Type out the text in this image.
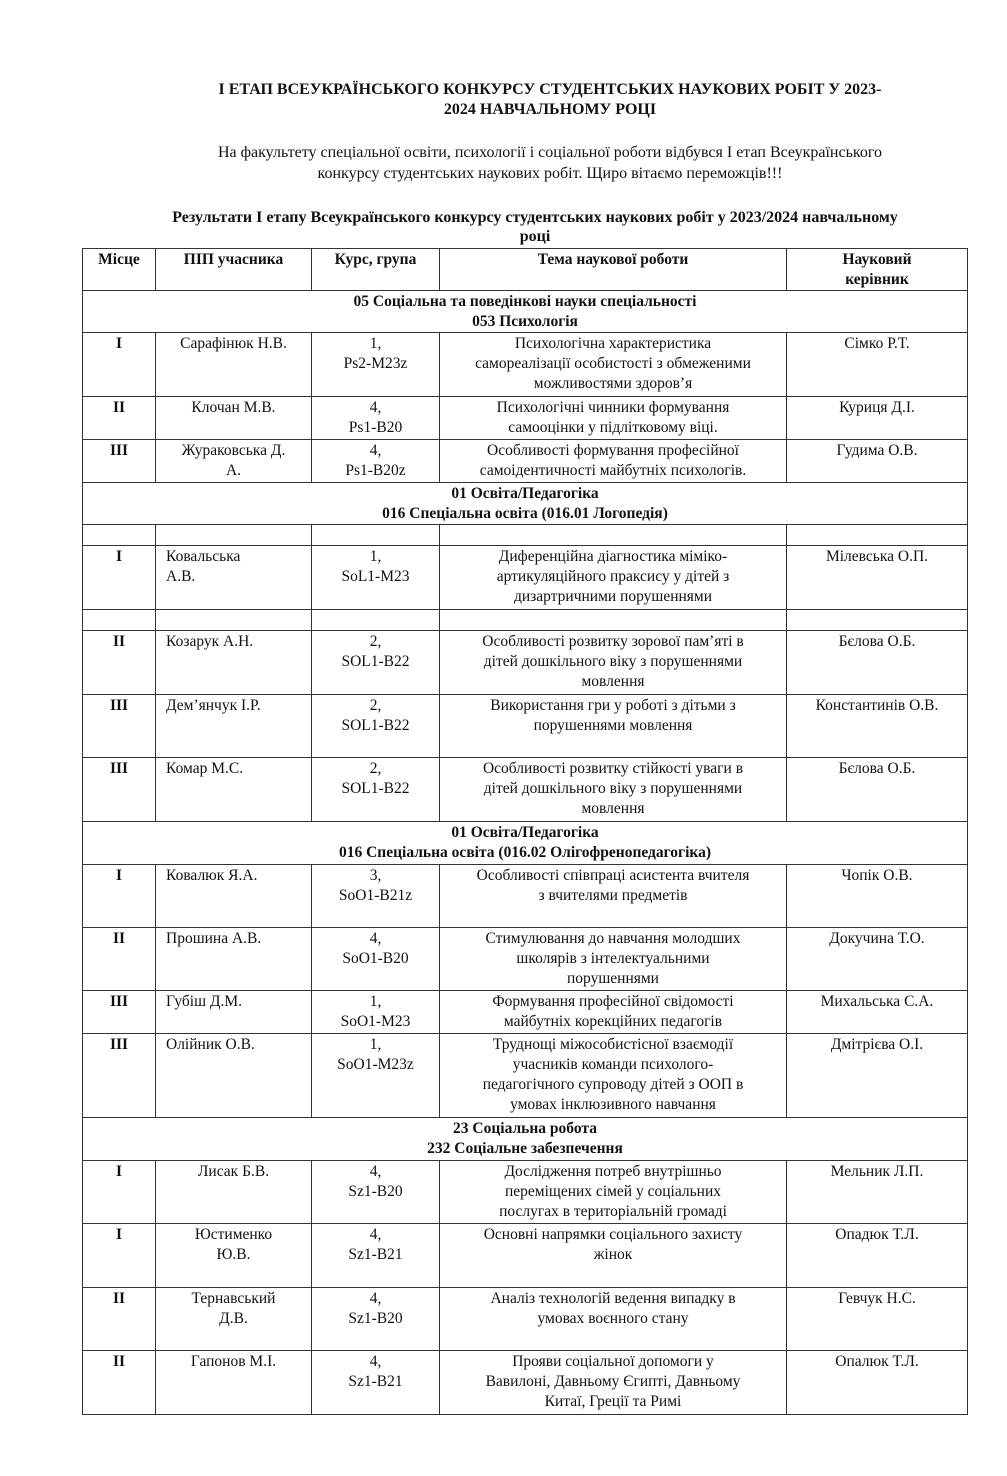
І ЕТАП ВСЕУКРАЇНСЬКОГО КОНКУРСУ СТУДЕНТСЬКИХ НАУКОВИХ РОБІТ У 2023-
2024 НАВЧАЛЬНОМУ РОЦІ
На факультету спеціальної освіти, психології і соціальної роботи відбувся І етап Всеукраїнського
конкурсу студентських наукових робіт. Щиро вітаємо переможців!!!
Результати І етапу Всеукраїнського конкурсу студентських наукових робіт у 2023/2024 навчальному
році
Місце	ПІП учасника	Курс, група	Тема наукової роботи	Науковий
керівник

05 Соціальна та поведінкові науки спеціальності
053 Психологія				

I	Сарафінюк Н.В.	1,
Ps2-M23z	Психологічна характеристика
самореалізації особистості з обмеженими
можливостями здоров’я	Сімко Р.Т.
II	Клочан М.В.	4,
Ps1-B20	Психологічні чинники формування
самооцінки у підлітковому віці.	Куриця Д.І.
III	Жураковська Д.
А.	4,
Ps1-B20z	Особливості формування професійної
самоідентичності майбутніх психологів.	Гудима О.В.

01 Освіта/Педагогіка
016 Спеціальна освіта (016.01 Логопедія)				

I	Ковальська
А.В.	1,
SoL1-M23	Диференційна діагностика міміко-
артикуляційного праксису у дітей з
дизартричними порушеннями	Мілевська О.П.

II	Козарук А.Н.	2,
SOL1-B22	Особливості розвитку зорової пам’яті в
дітей дошкільного віку з порушеннями
мовлення	Бєлова О.Б.
III	Дем’янчук І.Р.	2,
SOL1-B22	Використання гри у роботі з дітьми з
порушеннями мовлення	Константинів О.В.
III	Комар М.С.	2,
SOL1-B22	Особливості розвитку стійкості уваги в
дітей дошкільного віку з порушеннями
мовлення	Бєлова О.Б.

01 Освіта/Педагогіка
016 Спеціальна освіта (016.02 Олігофренопедагогіка)				

I	Ковалюк Я.А.	3,
SoO1-B21z	Особливості співпраці асистента вчителя
з вчителями предметів	Чопік О.В.
II	Прошина А.В.	4,
SoO1-B20	Стимулювання до навчання молодших
школярів з інтелектуальними
порушеннями	Докучина Т.О.
III	Губіш Д.М.	1,
SoO1-M23	Формування професійної свідомості
майбутніх корекційних педагогів	Михальська С.А.
III	Олійник О.В.	1,
SoO1-M23z	Труднощі міжособистісної взаємодії
учасників команди психолого-
педагогічного супроводу дітей з ООП в
умовах інклюзивного навчання	Дмітрієва О.І.

23 Соціальна робота
232 Соціальне забезпечення				

I	Лисак Б.В.	4,
Sz1-B20	Дослідження потреб внутрішньо
переміщених сімей у соціальних
послугах в територіальній громаді	Мельник Л.П.
I	Юстименко
Ю.В.	4,
Sz1-B21	Основні напрямки соціального захисту
жінок	Опадюк Т.Л.
II	Тернавський
Д.В.	4,
Sz1-B20	Аналіз технологій ведення випадку в
умовах воєнного стану	Гевчук Н.С.
II	Гапонов М.І.	4,
Sz1-B21	Прояви соціальної допомоги у
Вавилоні, Давньому Єгипті, Давньому
Китаї, Греції та Римі	Опалюк Т.Л.
